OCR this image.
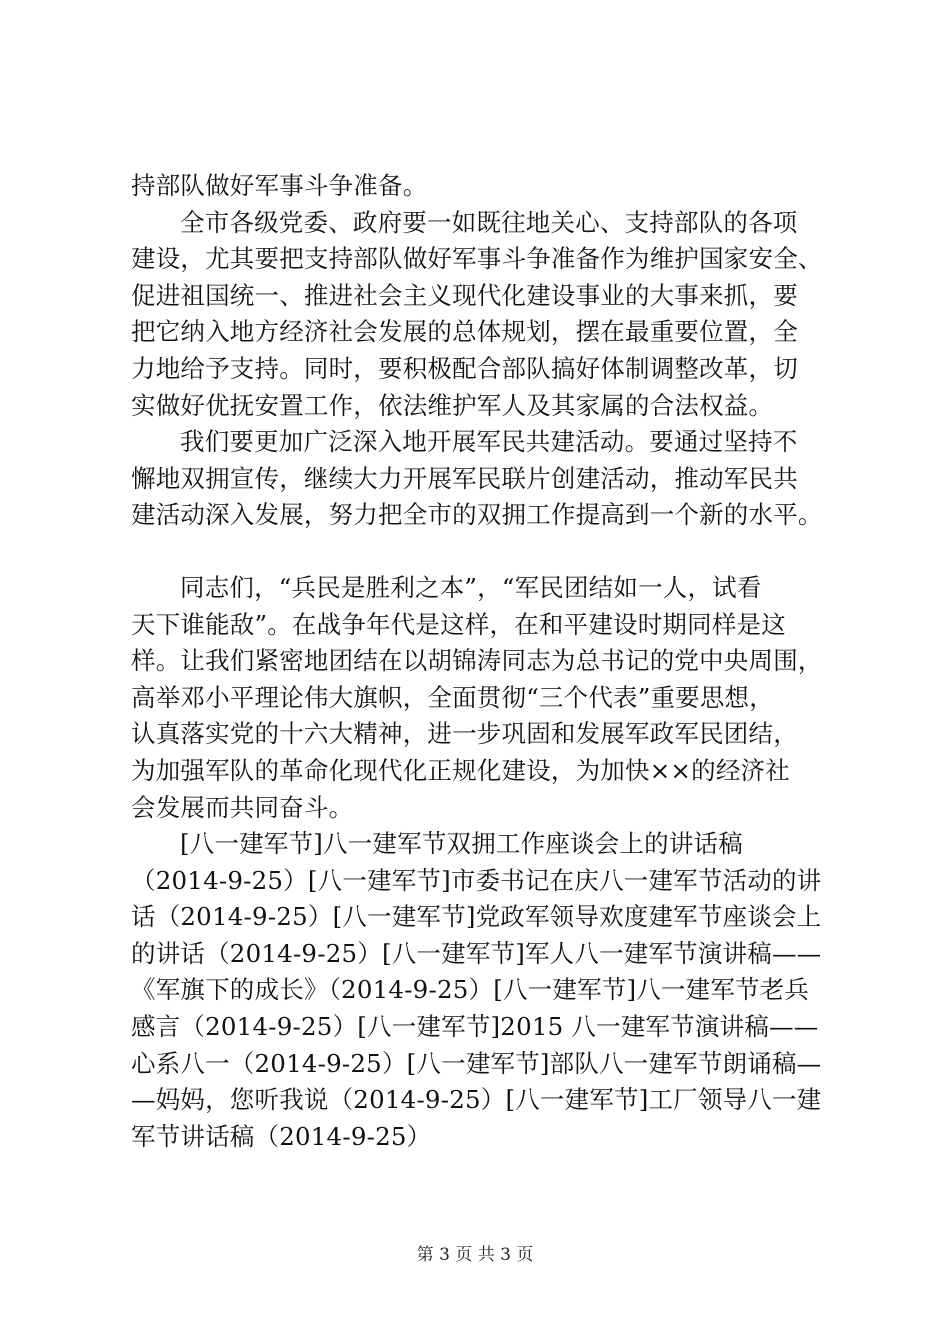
持部队做好军事斗争准备。
全市各级党委、政府要一如既往地关心、支持部队的各项
建设，尤其要把支持部队做好军事斗争准备作为维护国家安全、
促进祖国统一、推进社会主义现代化建设事业的大事来抓，要
把它纳入地方经济社会发展的总体规划，摆在最重要位置，全
力地给予支持。同时，要积极配合部队搞好体制调整改革，切
实做好优抚安置工作，依法维护军人及其家属的合法权益。
我们要更加广泛深入地开展军民共建活动。要通过坚持不
懈地双拥宣传，继续大力开展军民联片创建活动，推动军民共
建活动深入发展，努力把全市的双拥工作提高到一个新的水平。
同志们，“兵民是胜利之本”，“军民团结如一人，试看
天下谁能敌”。在战争年代是这样，在和平建设时期同样是这
样。让我们紧密地团结在以胡锦涛同志为总书记的党中央周围，
高举邓小平理论伟大旗帜，全面贯彻“三个代表”重要思想，
认真落实党的十六大精神，进一步巩固和发展军政军民团结，
为加强军队的革命化现代化正规化建设，为加快××的经济社
会发展而共同奋斗。
[八一建军节]八一建军节双拥工作座谈会上的讲话稿
（2014-9-25）[八一建军节]市委书记在庆八一建军节活动的讲
话（2014-9-25）[八一建军节]党政军领导欢度建军节座谈会上
的讲话（2014-9-25）[八一建军节]军人八一建军节演讲稿——
《军旗下的成长》（2014-9-25）[八一建军节]八一建军节老兵
感言（2014-9-25）[八一建军节]2015 八一建军节演讲稿——
心系八一（2014-9-25）[八一建军节]部队八一建军节朗诵稿—
—妈妈，您听我说（2014-9-25）[八一建军节]工厂领导八一建
军节讲话稿（2014-9-25）
第 3 页 共 3 页
